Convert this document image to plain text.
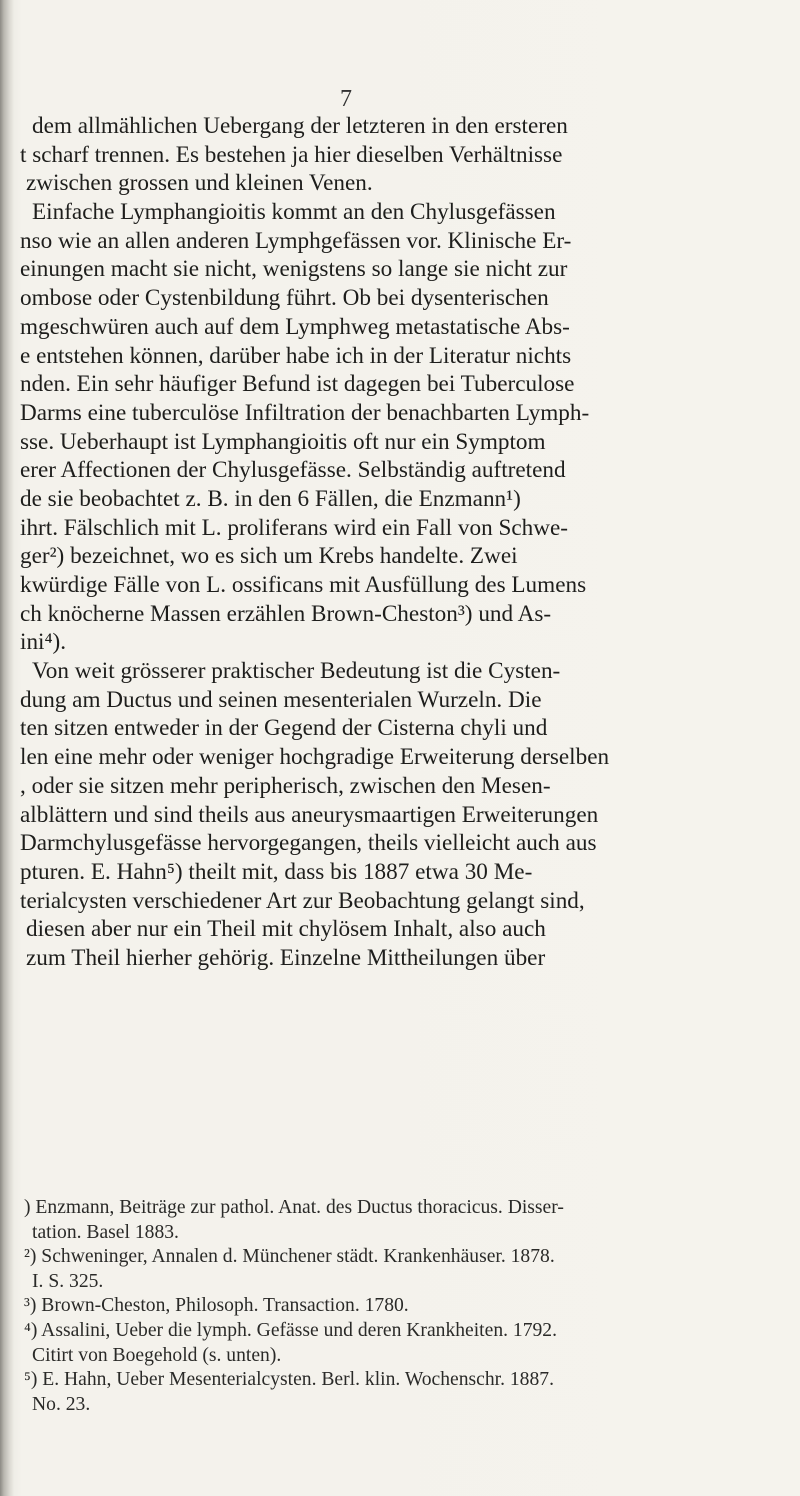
7
dem allmählichen Uebergang der letzteren in den ersteren
t scharf trennen. Es bestehen ja hier dieselben Verhältnisse
zwischen grossen und kleinen Venen.
Einfache Lymphangioitis kommt an den Chylusgefässen
nso wie an allen anderen Lymphgefässen vor. Klinische Er-
einungen macht sie nicht, wenigstens so lange sie nicht zur
ombose oder Cystenbildung führt. Ob bei dysenterischen
mgeschwüren auch auf dem Lymphweg metastatische Abs-
e entstehen können, darüber habe ich in der Literatur nichts
nden. Ein sehr häufiger Befund ist dagegen bei Tuberculose
Darms eine tuberculöse Infiltration der benachbarten Lymph-
sse. Ueberhaupt ist Lymphangioitis oft nur ein Symptom
erer Affectionen der Chylusgefässe. Selbständig auftretend
de sie beobachtet z. B. in den 6 Fällen, die Enzmann¹)
ihrt. Fälschlich mit L. proliferans wird ein Fall von Schwe-
ger²) bezeichnet, wo es sich um Krebs handelte. Zwei
kwürdige Fälle von L. ossificans mit Ausfüllung des Lumens
ch knöcherne Massen erzählen Brown-Cheston³) und As-
ini⁴).
Von weit grösserer praktischer Bedeutung ist die Cysten-
dung am Ductus und seinen mesenterialen Wurzeln. Die
ten sitzen entweder in der Gegend der Cisterna chyli und
len eine mehr oder weniger hochgradige Erweiterung derselben
, oder sie sitzen mehr peripherisch, zwischen den Mesen-
alblättern und sind theils aus aneurysmaartigen Erweiterungen
Darmchylusgefässe hervorgegangen, theils vielleicht auch aus
pturen. E. Hahn⁵) theilt mit, dass bis 1887 etwa 30 Me-
terialcysten verschiedener Art zur Beobachtung gelangt sind,
diesen aber nur ein Theil mit chylösem Inhalt, also auch
zum Theil hierher gehörig. Einzelne Mittheilungen über
) Enzmann, Beiträge zur pathol. Anat. des Ductus thoracicus. Disser-
tation. Basel 1883.
²) Schweninger, Annalen d. Münchener städt. Krankenhäuser. 1878.
I. S. 325.
³) Brown-Cheston, Philosoph. Transaction. 1780.
⁴) Assalini, Ueber die lymph. Gefässe und deren Krankheiten. 1792.
Citirt von Boegehold (s. unten).
⁵) E. Hahn, Ueber Mesenterialcysten. Berl. klin. Wochenschr. 1887.
No. 23.
